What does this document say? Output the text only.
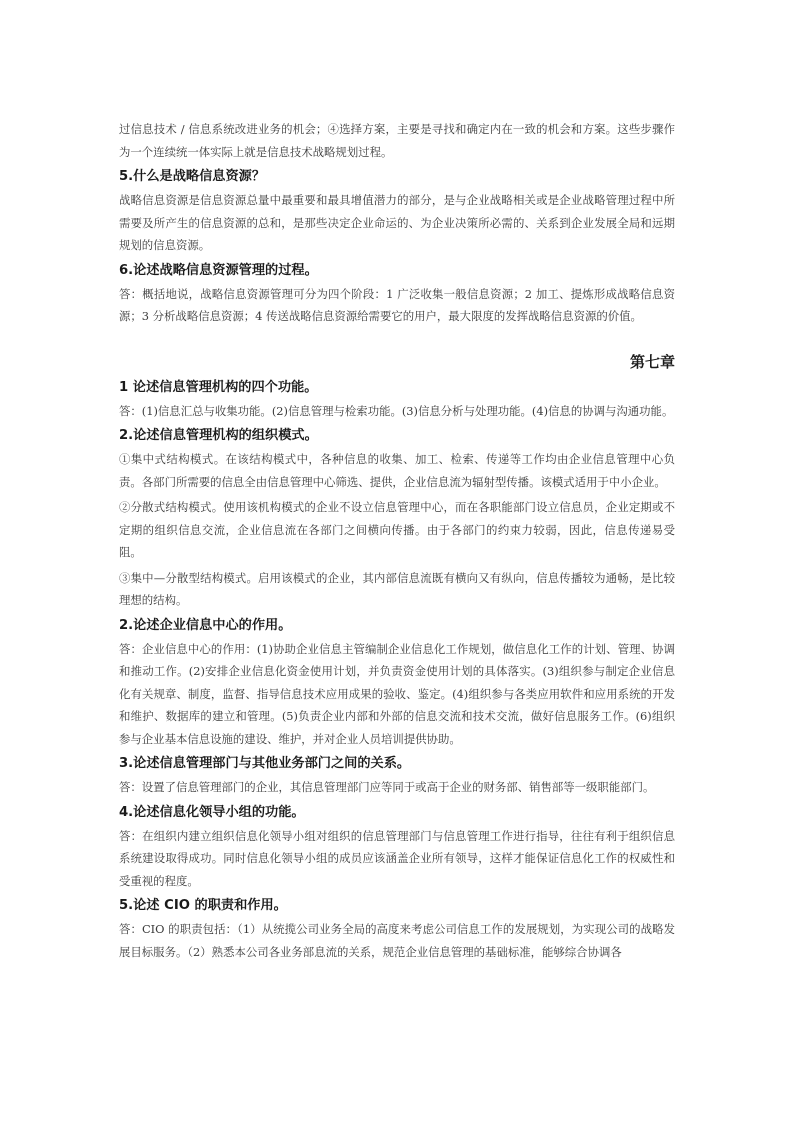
过信息技术 / 信息系统改进业务的机会；④选择方案，主要是寻找和确定内在一致的机会和方案。这些步骤作为一个连续统一体实际上就是信息技术战略规划过程。

5.什么是战略信息资源？

战略信息资源是信息资源总量中最重要和最具增值潜力的部分，是与企业战略相关或是企业战略管理过程中所需要及所产生的信息资源的总和，是那些决定企业命运的、为企业决策所必需的、关系到企业发展全局和远期规划的信息资源。

6.论述战略信息资源管理的过程。

答：概括地说，战略信息资源管理可分为四个阶段：1 广泛收集一般信息资源；2 加工、提炼形成战略信息资源；3 分析战略信息资源；4 传送战略信息资源给需要它的用户，最大限度的发挥战略信息资源的价值。

第七章
1 论述信息管理机构的四个功能。

答：(1)信息汇总与收集功能。(2)信息管理与检索功能。(3)信息分析与处理功能。(4)信息的协调与沟通功能。

2.论述信息管理机构的组织模式。

①集中式结构模式。在该结构模式中，各种信息的收集、加工、检索、传递等工作均由企业信息管理中心负责。各部门所需要的信息全由信息管理中心筛选、提供，企业信息流为辐射型传播。该模式适用于中小企业。

②分散式结构模式。使用该机构模式的企业不设立信息管理中心，而在各职能部门设立信息员，企业定期或不定期的组织信息交流，企业信息流在各部门之间横向传播。由于各部门的约束力较弱，因此，信息传递易受阻。

③集中—分散型结构模式。启用该模式的企业，其内部信息流既有横向又有纵向，信息传播较为通畅，是比较理想的结构。

2.论述企业信息中心的作用。

答：企业信息中心的作用：(1)协助企业信息主管编制企业信息化工作规划，做信息化工作的计划、管理、协调和推动工作。(2)安排企业信息化资金使用计划，并负责资金使用计划的具体落实。(3)组织参与制定企业信息化有关规章、制度，监督、指导信息技术应用成果的验收、鉴定。(4)组织参与各类应用软件和应用系统的开发和维护、数据库的建立和管理。(5)负责企业内部和外部的信息交流和技术交流，做好信息服务工作。(6)组织参与企业基本信息设施的建设、维护，并对企业人员培训提供协助。

3.论述信息管理部门与其他业务部门之间的关系。

答：设置了信息管理部门的企业，其信息管理部门应等同于或高于企业的财务部、销售部等一级职能部门。

4.论述信息化领导小组的功能。

答：在组织内建立组织信息化领导小组对组织的信息管理部门与信息管理工作进行指导，往往有利于组织信息系统建设取得成功。同时信息化领导小组的成员应该涵盖企业所有领导，这样才能保证信息化工作的权威性和受重视的程度。

5.论述 CIO 的职责和作用。

答：CIO 的职责包括：（1）从统揽公司业务全局的高度来考虑公司信息工作的发展规划，为实现公司的战略发展目标服务。（2）熟悉本公司各业务部息流的关系，规范企业信息管理的基础标准，能够综合协调各
